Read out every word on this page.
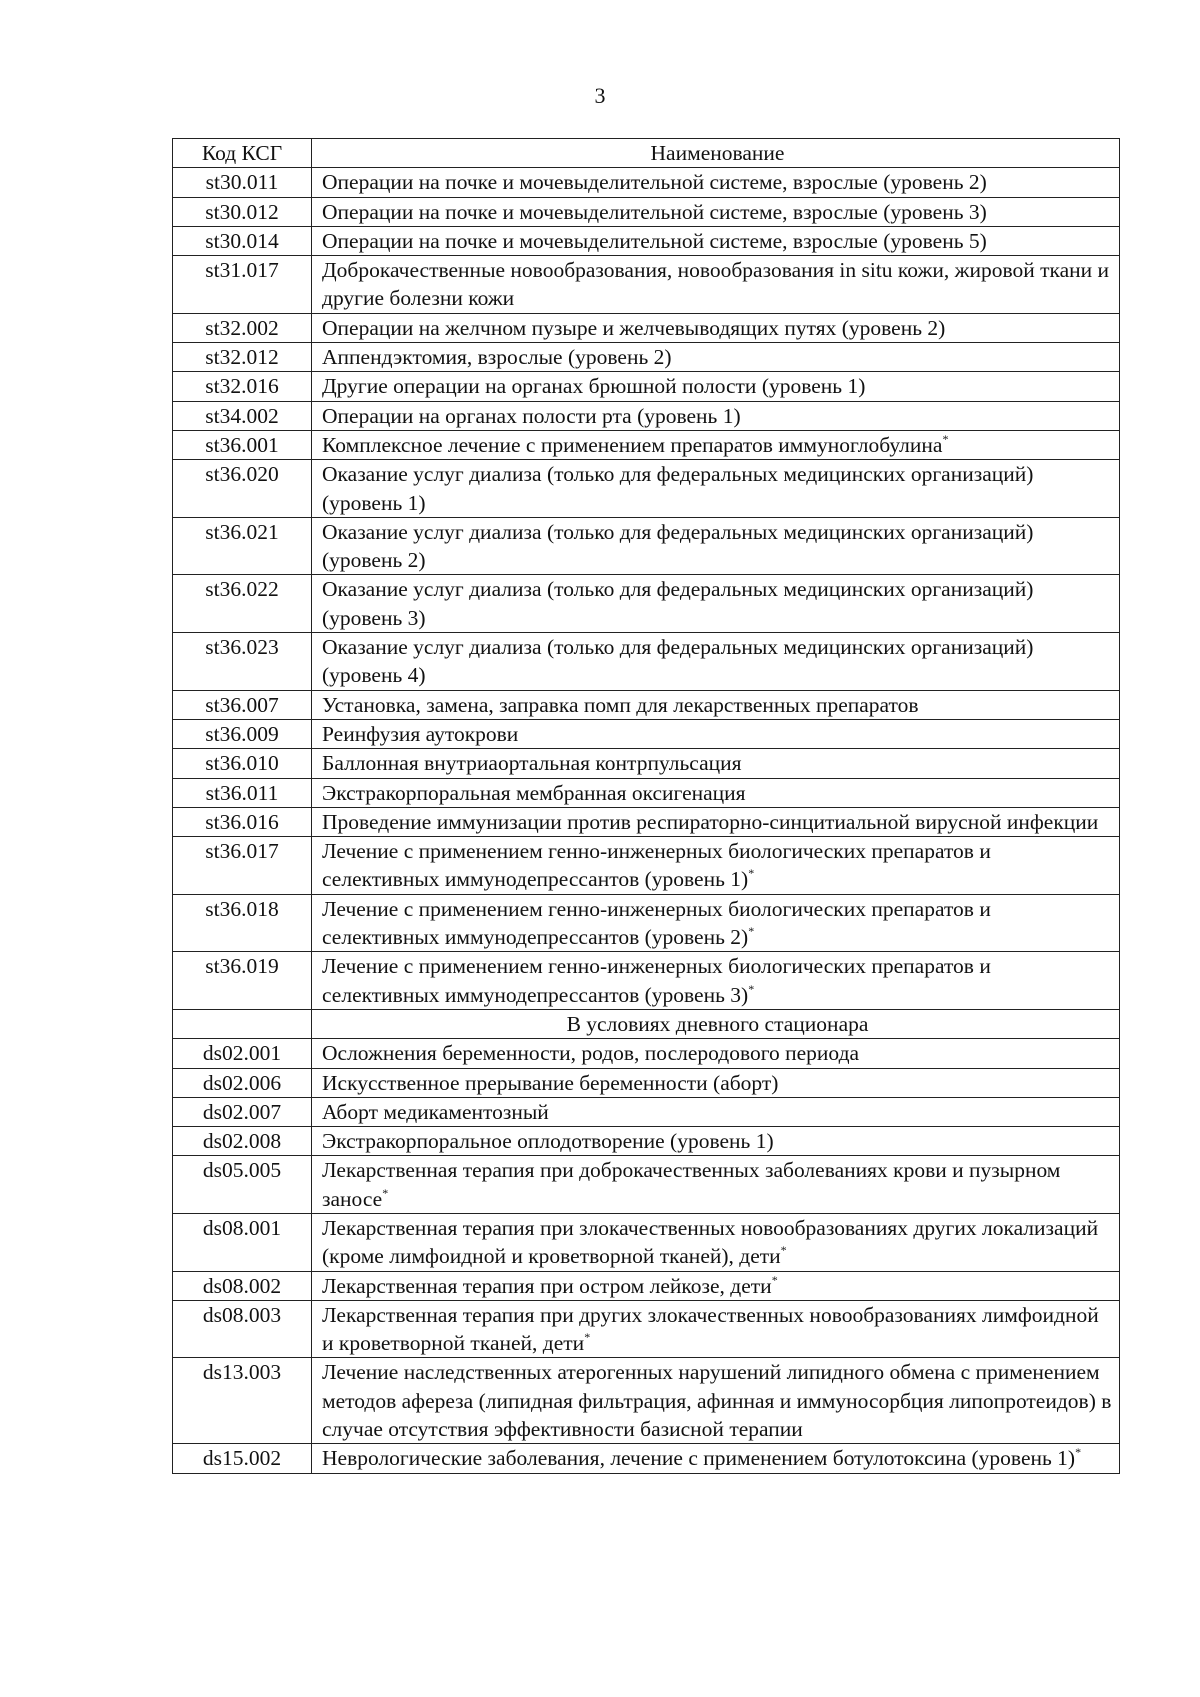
3
Код КСГ	Наименование
st30.011	Операции на почке и мочевыделительной системе, взрослые (уровень 2)
st30.012	Операции на почке и мочевыделительной системе, взрослые (уровень 3)
st30.014	Операции на почке и мочевыделительной системе, взрослые (уровень 5)
st31.017	Доброкачественные новообразования, новообразования in situ кожи, жировой ткани и другие болезни кожи
st32.002	Операции на желчном пузыре и желчевыводящих путях (уровень 2)
st32.012	Аппендэктомия, взрослые (уровень 2)
st32.016	Другие операции на органах брюшной полости (уровень 1)
st34.002	Операции на органах полости рта (уровень 1)
st36.001	Комплексное лечение с применением препаратов иммуноглобулина*
st36.020	Оказание услуг диализа (только для федеральных медицинских организаций) (уровень 1)
st36.021	Оказание услуг диализа (только для федеральных медицинских организаций) (уровень 2)
st36.022	Оказание услуг диализа (только для федеральных медицинских организаций) (уровень 3)
st36.023	Оказание услуг диализа (только для федеральных медицинских организаций) (уровень 4)
st36.007	Установка, замена, заправка помп для лекарственных препаратов
st36.009	Реинфузия аутокрови
st36.010	Баллонная внутриаортальная контрпульсация
st36.011	Экстракорпоральная мембранная оксигенация
st36.016	Проведение иммунизации против респираторно-синцитиальной вирусной инфекции
st36.017	Лечение с применением генно-инженерных биологических препаратов и селективных иммунодепрессантов (уровень 1)*
st36.018	Лечение с применением генно-инженерных биологических препаратов и селективных иммунодепрессантов (уровень 2)*
st36.019	Лечение с применением генно-инженерных биологических препаратов и селективных иммунодепрессантов (уровень 3)*
	В условиях дневного стационара
ds02.001	Осложнения беременности, родов, послеродового периода
ds02.006	Искусственное прерывание беременности (аборт)
ds02.007	Аборт медикаментозный
ds02.008	Экстракорпоральное оплодотворение (уровень 1)
ds05.005	Лекарственная терапия при доброкачественных заболеваниях крови и пузырном заносе*
ds08.001	Лекарственная терапия при злокачественных новообразованиях других локализаций (кроме лимфоидной и кроветворной тканей), дети*
ds08.002	Лекарственная терапия при остром лейкозе, дети*
ds08.003	Лекарственная терапия при других злокачественных новообразованиях лимфоидной и кроветворной тканей, дети*
ds13.003	Лечение наследственных атерогенных нарушений липидного обмена с применением методов афереза (липидная фильтрация, афинная и иммуносорбция липопротеидов) в случае отсутствия эффективности базисной терапии
ds15.002	Неврологические заболевания, лечение с применением ботулотоксина (уровень 1)*
